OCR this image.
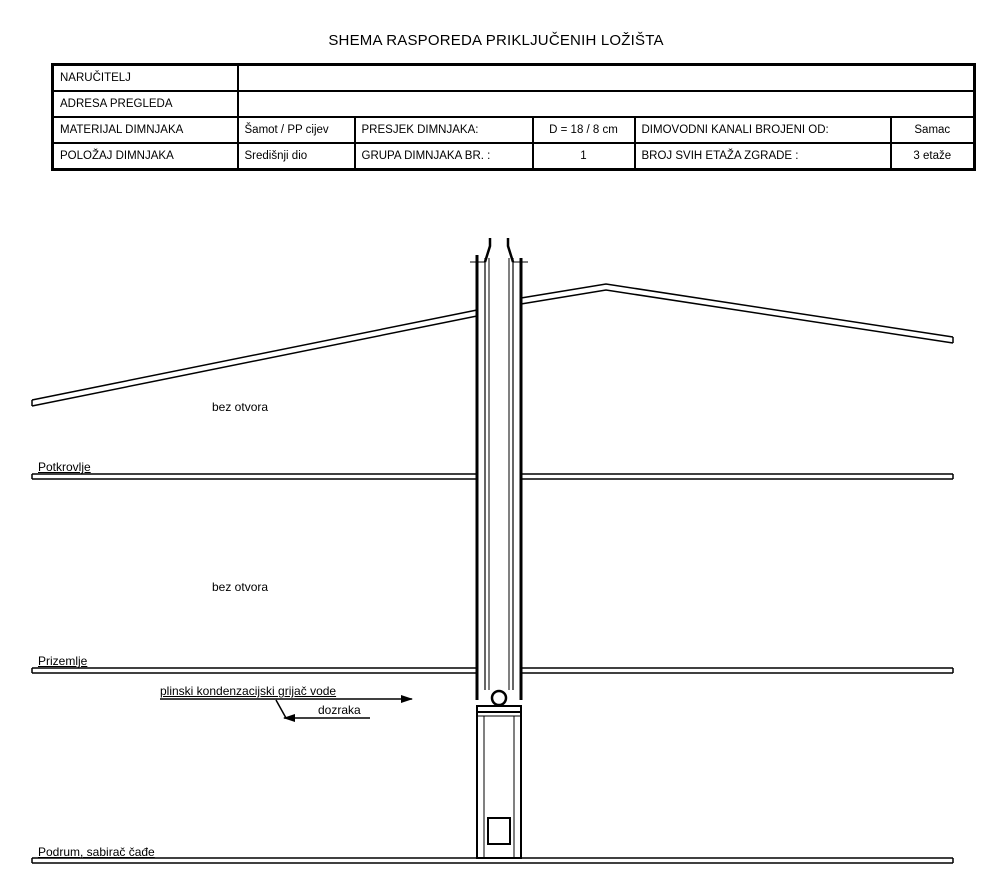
SHEMA RASPOREDA PRIKLJUČENIH LOŽIŠTA
NARUČITELJ					
ADRESA PREGLEDA					
MATERIJAL DIMNJAKA	Šamot / PP cijev	PRESJEK DIMNJAKA:	D = 18 / 8 cm	DIMOVODNI KANALI BROJENI OD:	Samac
POLOŽAJ DIMNJAKA	Središnji dio	GRUPA DIMNJAKA BR. :	1	BROJ SVIH ETAŽA ZGRADE :	3 etaže
bez otvora
bez otvora
Potkrovlje
Prizemlje
Podrum, sabirač čađe
plinski kondenzacijski grijač vode
dozraka
